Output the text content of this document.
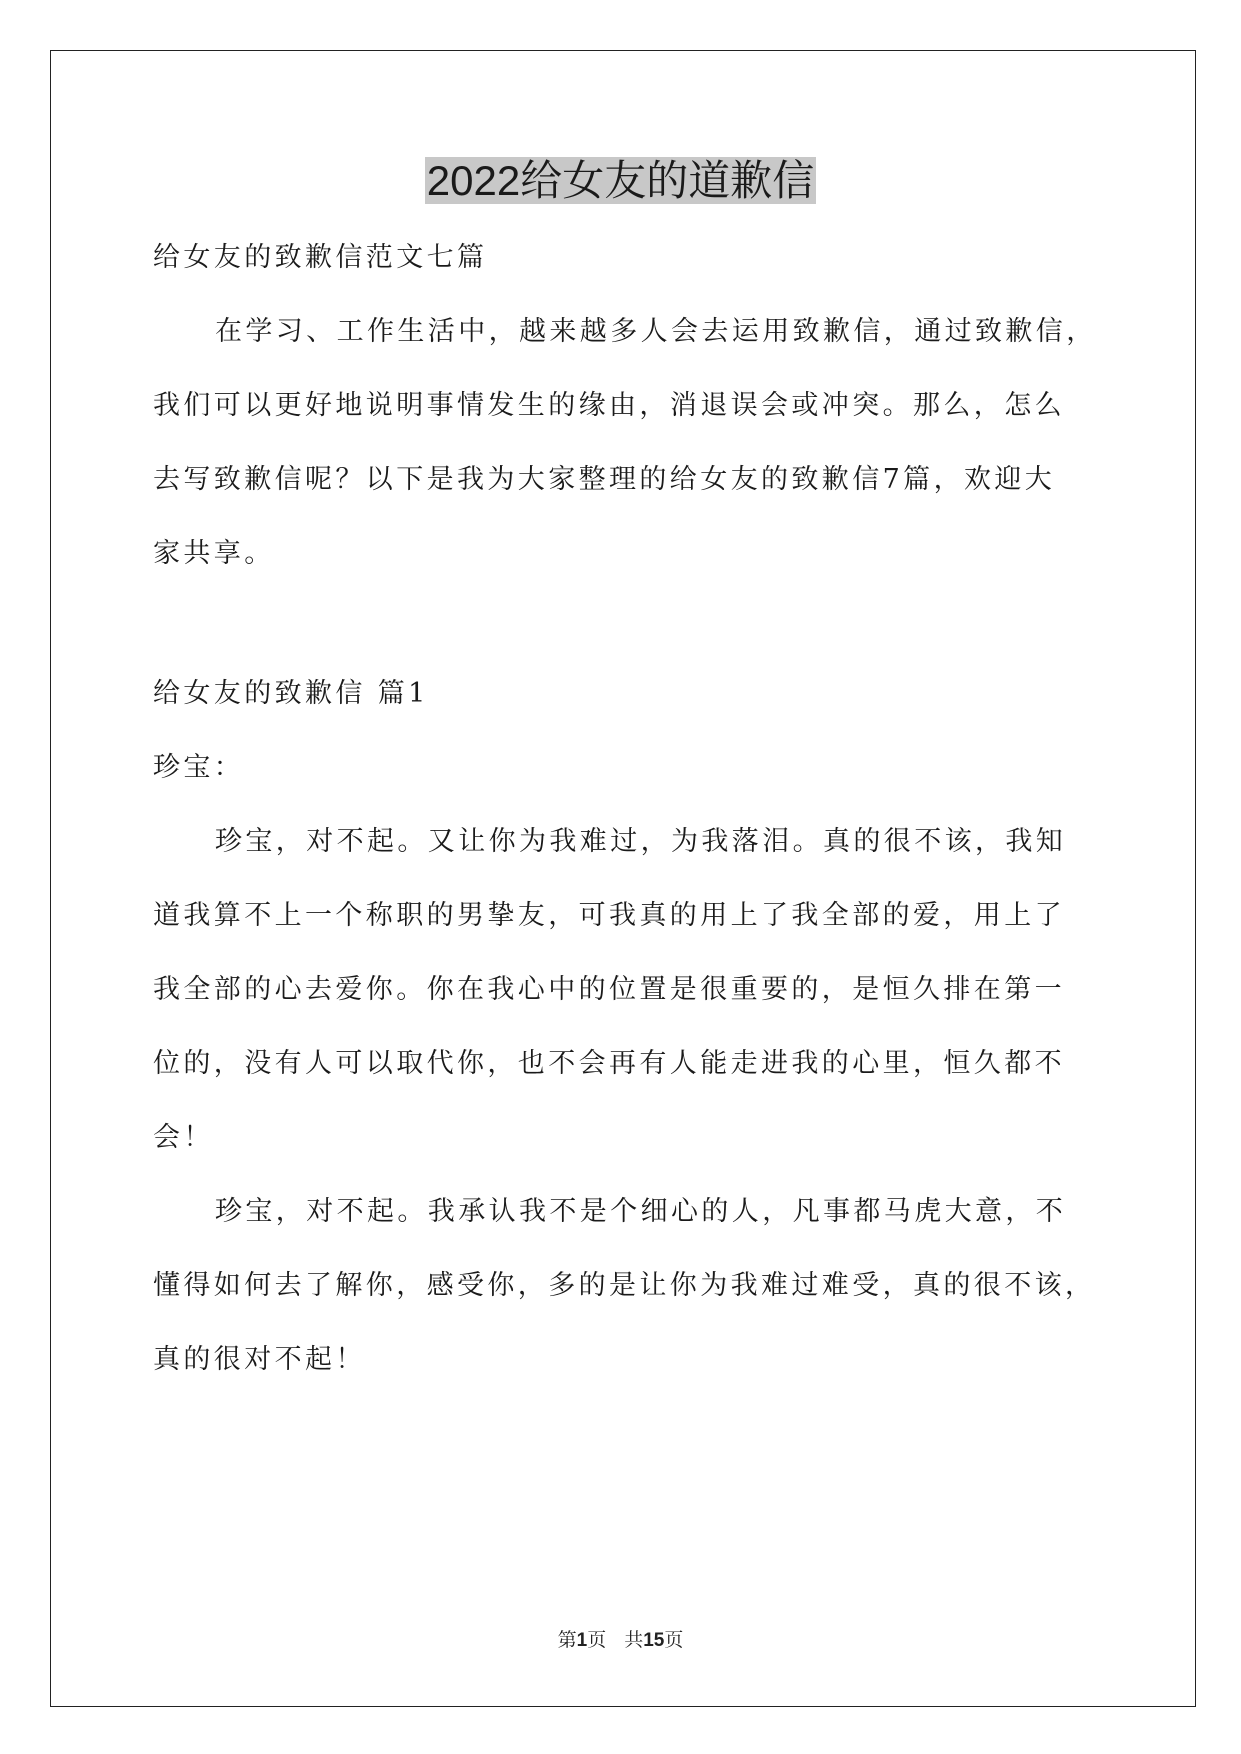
2022给女友的道歉信
给女友的致歉信范文七篇
在学习、工作生活中，越来越多人会去运用致歉信，通过致歉信，
我们可以更好地说明事情发生的缘由，消退误会或冲突。那么，怎么
去写致歉信呢？以下是我为大家整理的给女友的致歉信7篇，欢迎大
家共享。
给女友的致歉信 篇1
珍宝：
珍宝，对不起。又让你为我难过，为我落泪。真的很不该，我知
道我算不上一个称职的男挚友，可我真的用上了我全部的爱，用上了
我全部的心去爱你。你在我心中的位置是很重要的，是恒久排在第一
位的，没有人可以取代你，也不会再有人能走进我的心里，恒久都不
会！
珍宝，对不起。我承认我不是个细心的人，凡事都马虎大意，不
懂得如何去了解你，感受你，多的是让你为我难过难受，真的很不该，
真的很对不起！
第1页 共15页
